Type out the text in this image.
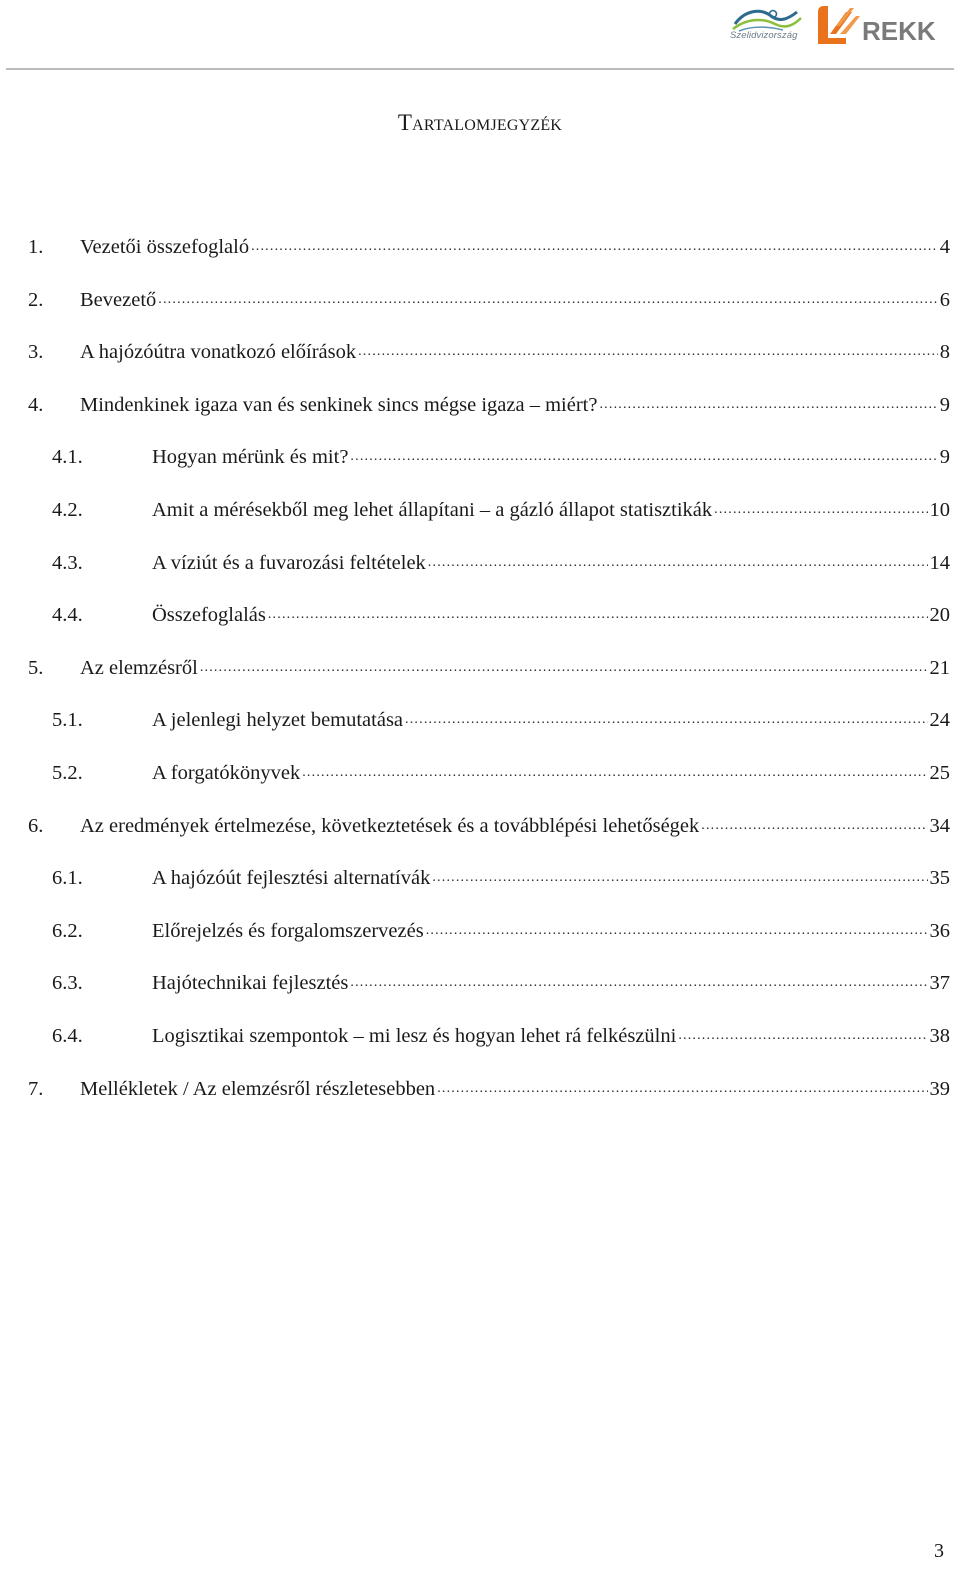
Szelidvizország REKK
Tartalomjegyzék
1.	Vezetői összefoglaló .....	4
2.	Bevezető .....	6
3.	A hajózóútra vonatkozó előírások .....	8
4.	Mindenkinek igaza van és senkinek sincs mégse igaza – miért? .....	9
4.1.	Hogyan mérünk és mit? .....	9
4.2.	Amit a mérésekből meg lehet állapítani – a gázló állapot statisztikák .....	10
4.3.	A víziút és a fuvarozási feltételek .....	14
4.4.	Összefoglalás .....	20
5.	Az elemzésről .....	21
5.1.	A jelenlegi helyzet bemutatása .....	24
5.2.	A forgatókönyvek .....	25
6.	Az eredmények értelmezése, következtetések és a továbblépési lehetőségek .....	34
6.1.	A hajózóút fejlesztési alternatívák .....	35
6.2.	Előrejelzés és forgalomszervezés .....	36
6.3.	Hajótechnikai fejlesztés .....	37
6.4.	Logisztikai szempontok – mi lesz és hogyan lehet rá felkészülni .....	38
7.	Mellékletek / Az elemzésről részletesebben .....	39
3
